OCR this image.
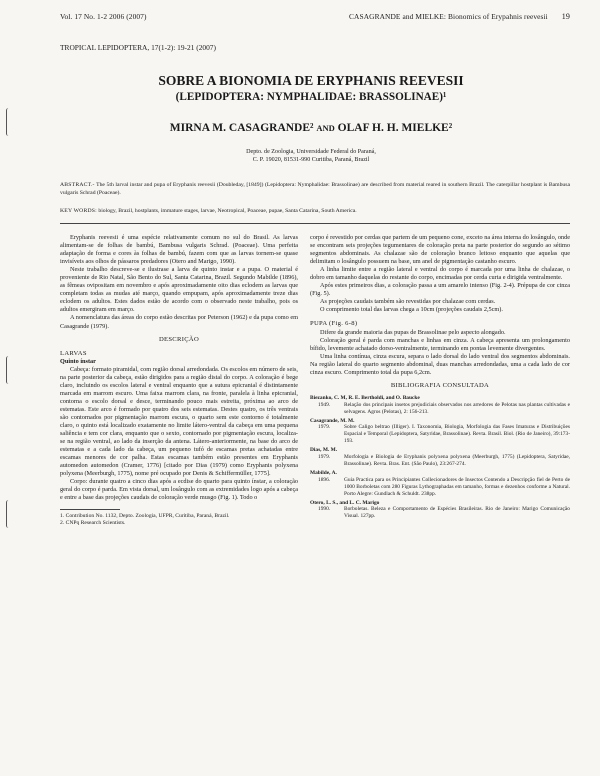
Vol. 17 No. 1-2 2006 (2007)	CASAGRANDE and MIELKE: Bionomics of Erypahnis reevesii 19
TROPICAL LEPIDOPTERA, 17(1-2): 19-21 (2007)
SOBRE A BIONOMIA DE ERYPHANIS REEVESII
(LEPIDOPTERA: NYMPHALIDAE: BRASSOLINAE)¹
MIRNA M. CASAGRANDE² AND OLAF H. H. MIELKE²
Depto. de Zoologia, Universidade Federal do Paraná,
C. P. 19020, 81531-990 Curitiba, Paraná, Brazil
ABSTRACT.- The 5th larval instar and pupa of Eryphanis reevesii (Doubleday, [1849]) (Lepidoptera: Nymphalidae: Brassolinae) are described from material reared in southern Brazil. The caterpillar hostplant is Bambusa vulgaris Schrad (Poaceae).
KEY WORDS: biology, Brazil, hostplants, immature stages, larvae, Neotropical, Poaceae, pupae, Santa Catarina, South America.

Eryphanis reevesii é uma espécie relativamente comum no sul do Brasil. As larvas alimentam-se de folhas de bambú, Bambusa vulgaris Schrad. (Poaceae). Uma perfeita adaptação de forma e cores às folhas de bambú, fazem com que as larvas tornem-se quase invisíveis aos olhos de pássaros predadores (Otero and Marigo, 1990).

Neste trabalho descreve-se e ilustrase a larva de quinto instar e a pupa. O material é proveniente de Rio Natal, São Bento do Sul, Santa Catarina, Brazil. Segundo Mabilde (1896), as fêmeas ovipositam em novembro e após aproximadamente oito dias eclodem as larvas que completam todas as mudas até março, quando empupam, após aproximadamente treze dias eclodem os adultos. Estes dados estão de acordo com o observado neste trabalho, pois os adultos emergiram em março.

A nomenclatura das áreas do corpo estão descritas por Peterson (1962) e da pupa como em Casagrande (1979).

DESCRIÇÃO

LARVAS

Quinto ínstar

Cabeça: formato piramidal, com região dorsal arredondada. Os escolos em número de seis, na parte posterior da cabeça, estão dirigidos para a região distal do corpo. A coloração é bege claro, incluindo os escolos lateral e ventral enquanto que a sutura epicranial é distintamente marcada em marrom escuro. Uma faixa marrom clara, na fronte, paralela à linha epicranial, contorna o escolo dorsal e desce, terminando pouco mais estreita, próxima ao arco de estematas. Este arco é formado por quatro dos seis estematas. Destes quatro, os três ventrais são contornados por pigmentação marrom escura, o quarto sem este contorno é totalmente claro, o quinto está localizado exatamente no limite látero-ventral da cabeça em uma pequena saliência e tem cor clara, enquanto que o sexto, contornado por pigmentação escura, localiza-se na região ventral, ao lado da inserção da antena. Látero-anteriormente, na base do arco de estematas e a cada lado da cabeça, um pequeno tufó de escamas pretas achatadas entre escamas menores de cor palha. Estas escamas também estão presentes em Eryphanis automedon automedon (Cramer, 1776) [citado por Dias (1979) como Eryphanis polyxena polyxena (Meerburgh, 1775), nome pré ocupado por Denis & Schiffermüller, 1775].

Corpo: durante quatro a cinco dias após a ecdise do quarto para quinto ínstar, a coloração geral do corpo é parda. Em vista dorsal, um losângulo com as extremidades logo após a cabeça e entre a base das projeções caudais de coloração verde musgo (Fig. 1). Todo o

1. Contribution No. 1132, Depto. Zoologia, UFPR, Curitiba, Paraná, Brazil.

2. CNPq Research Scientists.

corpo é revestido por cerdas que partem de um pequeno cone, exceto na área interna do losângulo, onde se encontram seis projeções tegumentares de coloração preta na parte posterior do segundo ao sétimo segmentos abdominais. As chalazae são de coloração branco leitoso enquanto que aquelas que delimitam o losângulo possuem na base, um anel de pigmentação castanho escuro.

A linha limite entre a região lateral e ventral do corpo é marcada por uma linha de chalazae, o dobro em tamanho daquelas do restante do corpo, encimadas por cerda curta e dirigida ventralmente.

Após estes primeiros dias, a coloração passa a um amarelo intenso (Fig. 2-4). Prépupa de cor cinza (Fig. 5).

As projeções caudais também são revestidas por chalazae com cerdas.

O comprimento total das larvas chega a 10cm (projeções caudais 2,5cm).

PUPA (Fig. 6-8)

Difere da grande maioria das pupas de Brassolinae pelo aspecto alongado.

Coloração geral é parda com manchas e linhas em cinza. A cabeça apresenta um prolongamento bífido, levemente achatado dorso-ventralmente, terminando em pontas levemente divergentes.

Uma linha contínua, cinza escura, separa o lado dorsal do lado ventral dos segmentos abdominais. Na região lateral do quarto segmento abdominal, duas manchas arredondadas, uma a cada lado de cor cinza escuro. Comprimento total da pupa 6,2cm.

BIBLIOGRAFIA CONSULTADA

Biezanko, C. M, R. E. Bertholdi, and O. Baucke
1949.	Relação dos principais insetos prejudiciais observados nos arredores de Pelotas nas plantas cultivadas e selvagens. Agros (Pelotas), 2: 156-213.
Casagrande, M. M.
1979.	Sobre Caligo beltrao (Illiger). I. Taxonomia, Biologia, Morfologia das Fases Imaturas e Distribuições Espacial e Temporal (Lepidoptera, Satyridae, Brassolinae). Revta. Brasil. Biol. (Rio de Janeiro), 39:173-193.
Dias, M. M.
1979.	Morfologia e Biologia de Eryphanis polyxena polyxena (Meerburgh, 1775) (Lepidoptera, Satyridae, Brassolinae). Revta. Bras. Ent. (São Paulo), 23:267-274.
Mabilde, A.
1896.	Guia Practica para os Principiantes Collecionadores de Insectos Contendo a Descripção fiel de Perto de 1000 Borboletas com 280 Figuras Lythographadas em tamanho, formas e dezenhos conforme a Natural. Porto Alegre: Gundlach & Schuldt. 238pp.
Otero, L. S., and L. C. Marigo
1990.	Borboletas. Beleza e Comportamento de Espécies Brasileiras. Rio de Janeiro: Marigo Comunicação Visual. 127pp.
